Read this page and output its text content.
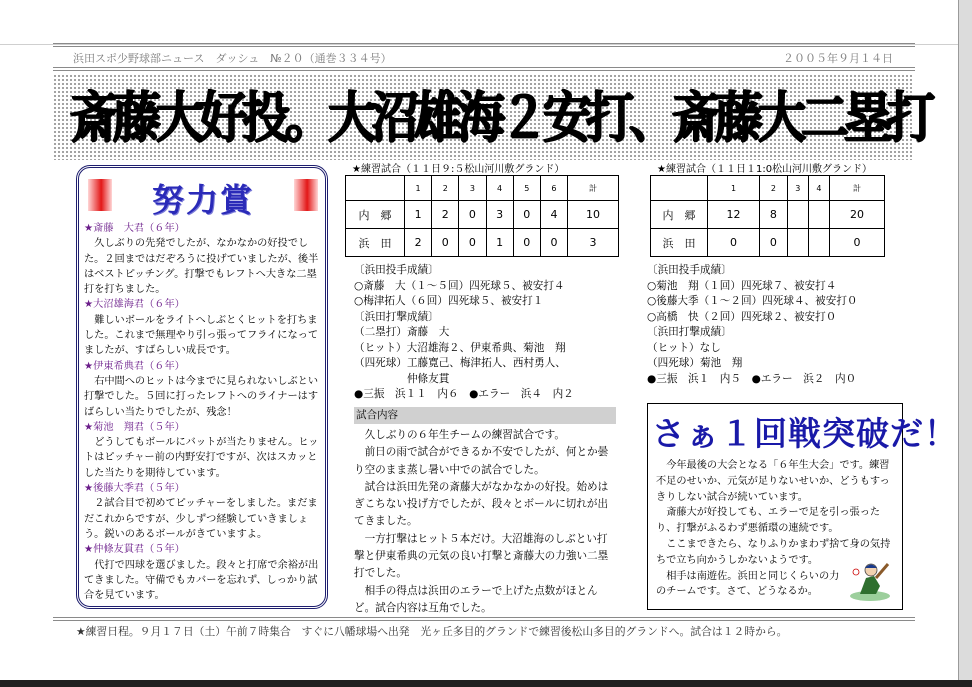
浜田スポ少野球部ニュース　ダッシュ　№２０（通巻３３４号）	２００５年９月１４日
斎藤大好投。大沼雄海２安打、斎藤大二塁打
努力賞
★斎藤　大君（６年）
久しぶりの先発でしたが、なかなかの好投でした。２回まではだぞろうに投げていましたが、後半はベストピッチング。打撃でもレフトへ大きな二塁打を打ちました。
★大沼雄海君（６年）
難しいボールをライトへしぶとくヒットを打ちました。これまで無理やり引っ張ってフライになってましたが、すばらしい成長です。
★伊東希典君（６年）
右中間へのヒットは今までに見られないしぶとい打撃でした。５回に打ったレフトへのライナーはすばらしい当たりでしたが、残念！
★菊池　翔君（５年）
どうしてもボールにバットが当たりません。ヒットはピッチャー前の内野安打ですが、次はスカッとした当たりを期待しています。
★後藤大季君（５年）
２試合目で初めてピッチャーをしました。まだまだこれからですが、少しずつ経験していきましょう。鋭いのあるボールがきていますよ。
★仲條友貫君（５年）
代打で四球を選びました。段々と打席で余裕が出てきました。守備でもカバーを忘れず、しっかり試合を見ています。
★練習試合（１１日９:５松山河川敷グランド）
	1	2	3	4	5	6	計
内　郷	1	2	0	3	0	4	10
浜　田	2	0	0	1	0	0	3
〔浜田投手成績〕
○斎藤　大（１～５回）四死球５、被安打４
○梅津拓人（６回）四死球５、被安打１
〔浜田打撃成績〕
（二塁打）斎藤　大
（ヒット）大沼雄海２、伊東希典、菊池　翔
（四死球）工藤寛己、梅津拓人、西村勇人、
　　　　　仲條友貫
●三振　浜１１　内６　●エラー　浜４　内２
★練習試合（１１日１1:0松山河川敷グランド）
	1	2	3	4	計
内　郷	12	8			20
浜　田	0	0			0
〔浜田投手成績〕
○菊池　翔（１回）四死球７、被安打４
○後藤大季（１～２回）四死球４、被安打０
○高橋　快（２回）四死球２、被安打０
〔浜田打撃成績〕
（ヒット）なし
（四死球）菊池　翔
●三振　浜１　内５　●エラー　浜２　内０
試合内容

久しぶりの６年生チームの練習試合です。

前日の雨で試合ができるか不安でしたが、何とか曇り空のまま蒸し暑い中での試合でした。

試合は浜田先発の斎藤大がなかなかの好投。始めはぎこちない投げ方でしたが、段々とボールに切れが出てきました。

一方打撃はヒット５本だけ。大沼雄海のしぶとい打撃と伊東希典の元気の良い打撃と斎藤大の力強い二塁打でした。

相手の得点は浜田のエラーで上げた点数がほとんど。試合内容は互角でした。

さぁ１回戦突破だ！

今年最後の大会となる「６年生大会」です。練習不足のせいか、元気が足りないせいか、どうもすっきりしない試合が続いています。

斎藤大が好投しても、エラーで足を引っ張ったり、打撃がふるわず悪循環の連続です。

ここまできたら、なりふりかまわず捨て身の気持ちで立ち向かうしかないようです。

相手は南遊佐。浜田と同じくらいの力のチームです。さて、どうなるか。

★練習日程。９月１７日（土）午前７時集合　すぐに八幡球場へ出発　光ヶ丘多目的グランドで練習後松山多目的グランドへ。試合は１２時から。
